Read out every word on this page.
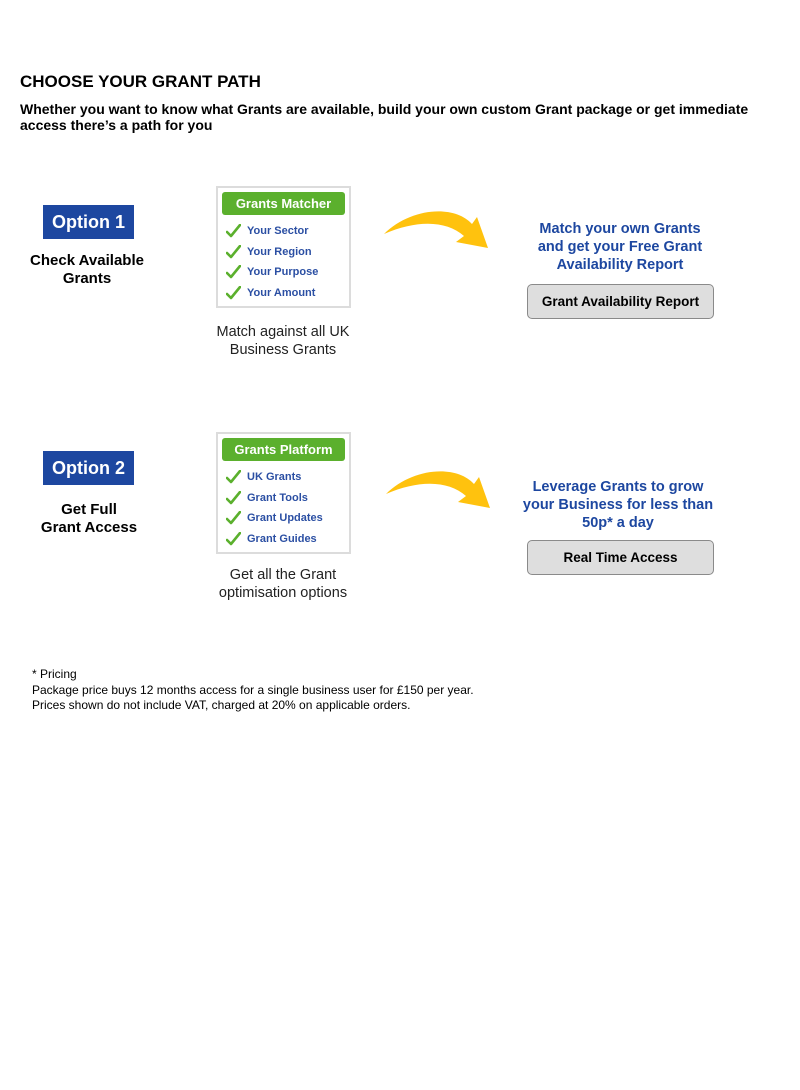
CHOOSE YOUR GRANT PATH
Whether you want to know what Grants are available, build your own custom Grant package or get immediate access there’s a path for you
Option 1
Check Available
Grants
Grants Matcher
Your Sector
Your Region
Your Purpose
Your Amount
Match against all UK
Business Grants
Match your own Grants
and get your Free Grant
Availability Report
Grant Availability Report
Option 2
Get Full
Grant Access
Grants Platform
UK Grants
Grant Tools
Grant Updates
Grant Guides
Get all the Grant
optimisation options
Leverage Grants to grow
your Business for less than
50p* a day
Real Time Access
* Pricing
Package price buys 12 months access for a single business user for £150 per year.
Prices shown do not include VAT, charged at 20% on applicable orders.
